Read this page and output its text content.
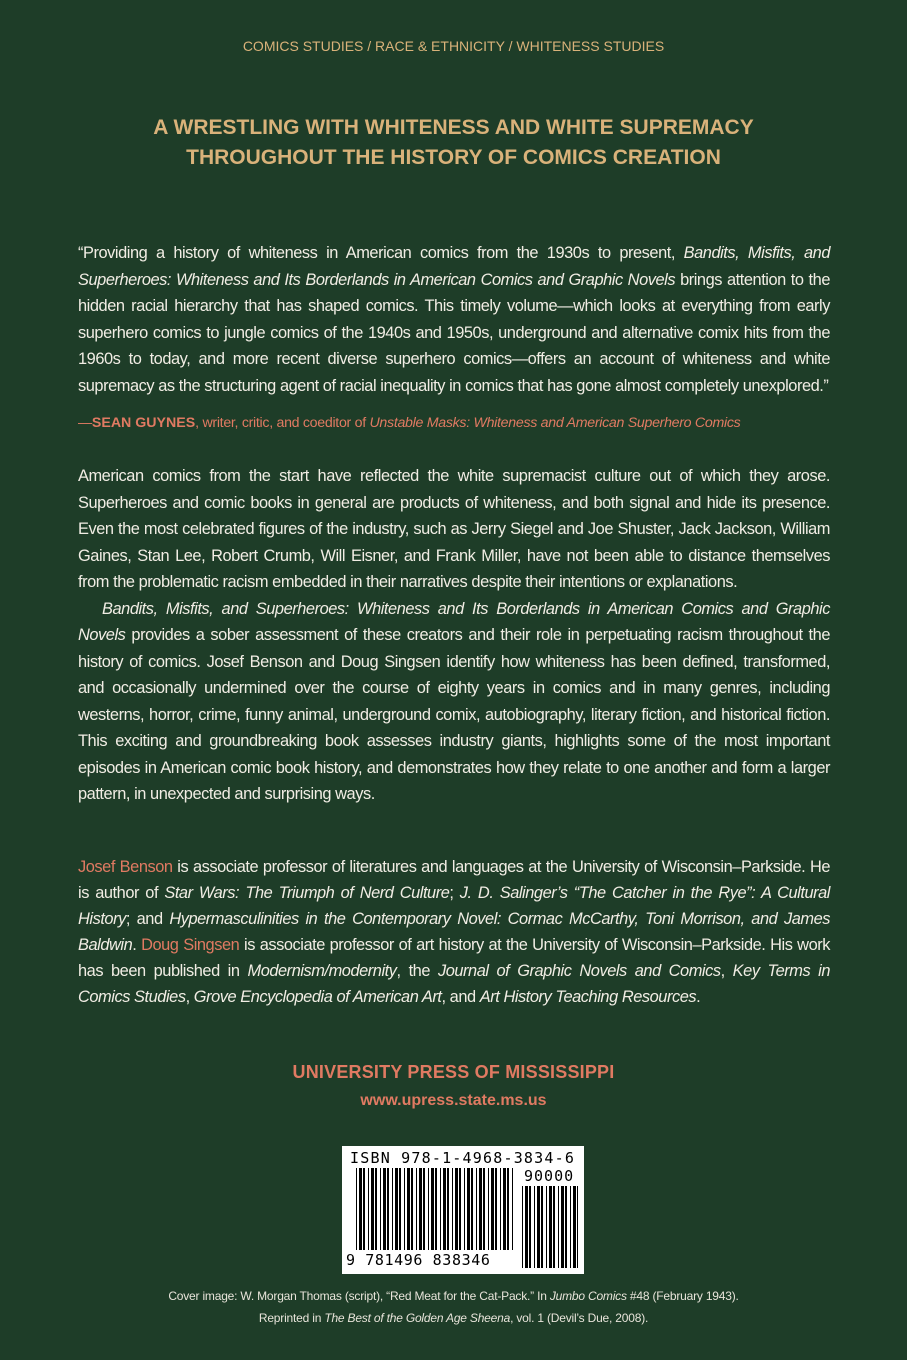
COMICS STUDIES / RACE & ETHNICITY / WHITENESS STUDIES
A WRESTLING WITH WHITENESS AND WHITE SUPREMACY
THROUGHOUT THE HISTORY OF COMICS CREATION
“Providing a history of whiteness in American comics from the 1930s to present, Bandits, Misfits, and Superheroes: Whiteness and Its Borderlands in American Comics and Graphic Novels brings attention to the hidden racial hierarchy that has shaped comics. This timely volume—which looks at everything from early superhero comics to jungle comics of the 1940s and 1950s, underground and alternative comix hits from the 1960s to today, and more recent diverse superhero comics—offers an account of whiteness and white supremacy as the structuring agent of racial inequality in comics that has gone almost completely unexplored.”
—SEAN GUYNES, writer, critic, and coeditor of Unstable Masks: Whiteness and American Superhero Comics

American comics from the start have reflected the white supremacist culture out of which they arose. Superheroes and comic books in general are products of whiteness, and both signal and hide its presence. Even the most celebrated figures of the industry, such as Jerry Siegel and Joe Shuster, Jack Jackson, William Gaines, Stan Lee, Robert Crumb, Will Eisner, and Frank Miller, have not been able to distance themselves from the problematic racism embedded in their narratives despite their intentions or explanations.

Bandits, Misfits, and Superheroes: Whiteness and Its Borderlands in American Comics and Graphic Novels provides a sober assessment of these creators and their role in perpetuating racism throughout the history of comics. Josef Benson and Doug Singsen identify how whiteness has been defined, transformed, and occasionally undermined over the course of eighty years in comics and in many genres, including westerns, horror, crime, funny animal, underground comix, autobiography, literary fiction, and historical fiction. This exciting and groundbreaking book assesses industry giants, highlights some of the most important episodes in American comic book history, and demonstrates how they relate to one another and form a larger pattern, in unexpected and surprising ways.

Josef Benson is associate professor of literatures and languages at the University of Wisconsin–Parkside. He is author of Star Wars: The Triumph of Nerd Culture; J. D. Salinger’s “The Catcher in the Rye”: A Cultural History; and Hypermasculinities in the Contemporary Novel: Cormac McCarthy, Toni Morrison, and James Baldwin. Doug Singsen is associate professor of art history at the University of Wisconsin–Parkside. His work has been published in Modernism/modernity, the Journal of Graphic Novels and Comics, Key Terms in Comics Studies, Grove Encyclopedia of American Art, and Art History Teaching Resources.
UNIVERSITY PRESS OF MISSISSIPPI
www.upress.state.ms.us
ISBN 978-1-4968-3834-6
90000
9 781496 838346
Cover image: W. Morgan Thomas (script), “Red Meat for the Cat-Pack.” In Jumbo Comics #48 (February 1943).
Reprinted in The Best of the Golden Age Sheena, vol. 1 (Devil’s Due, 2008).
